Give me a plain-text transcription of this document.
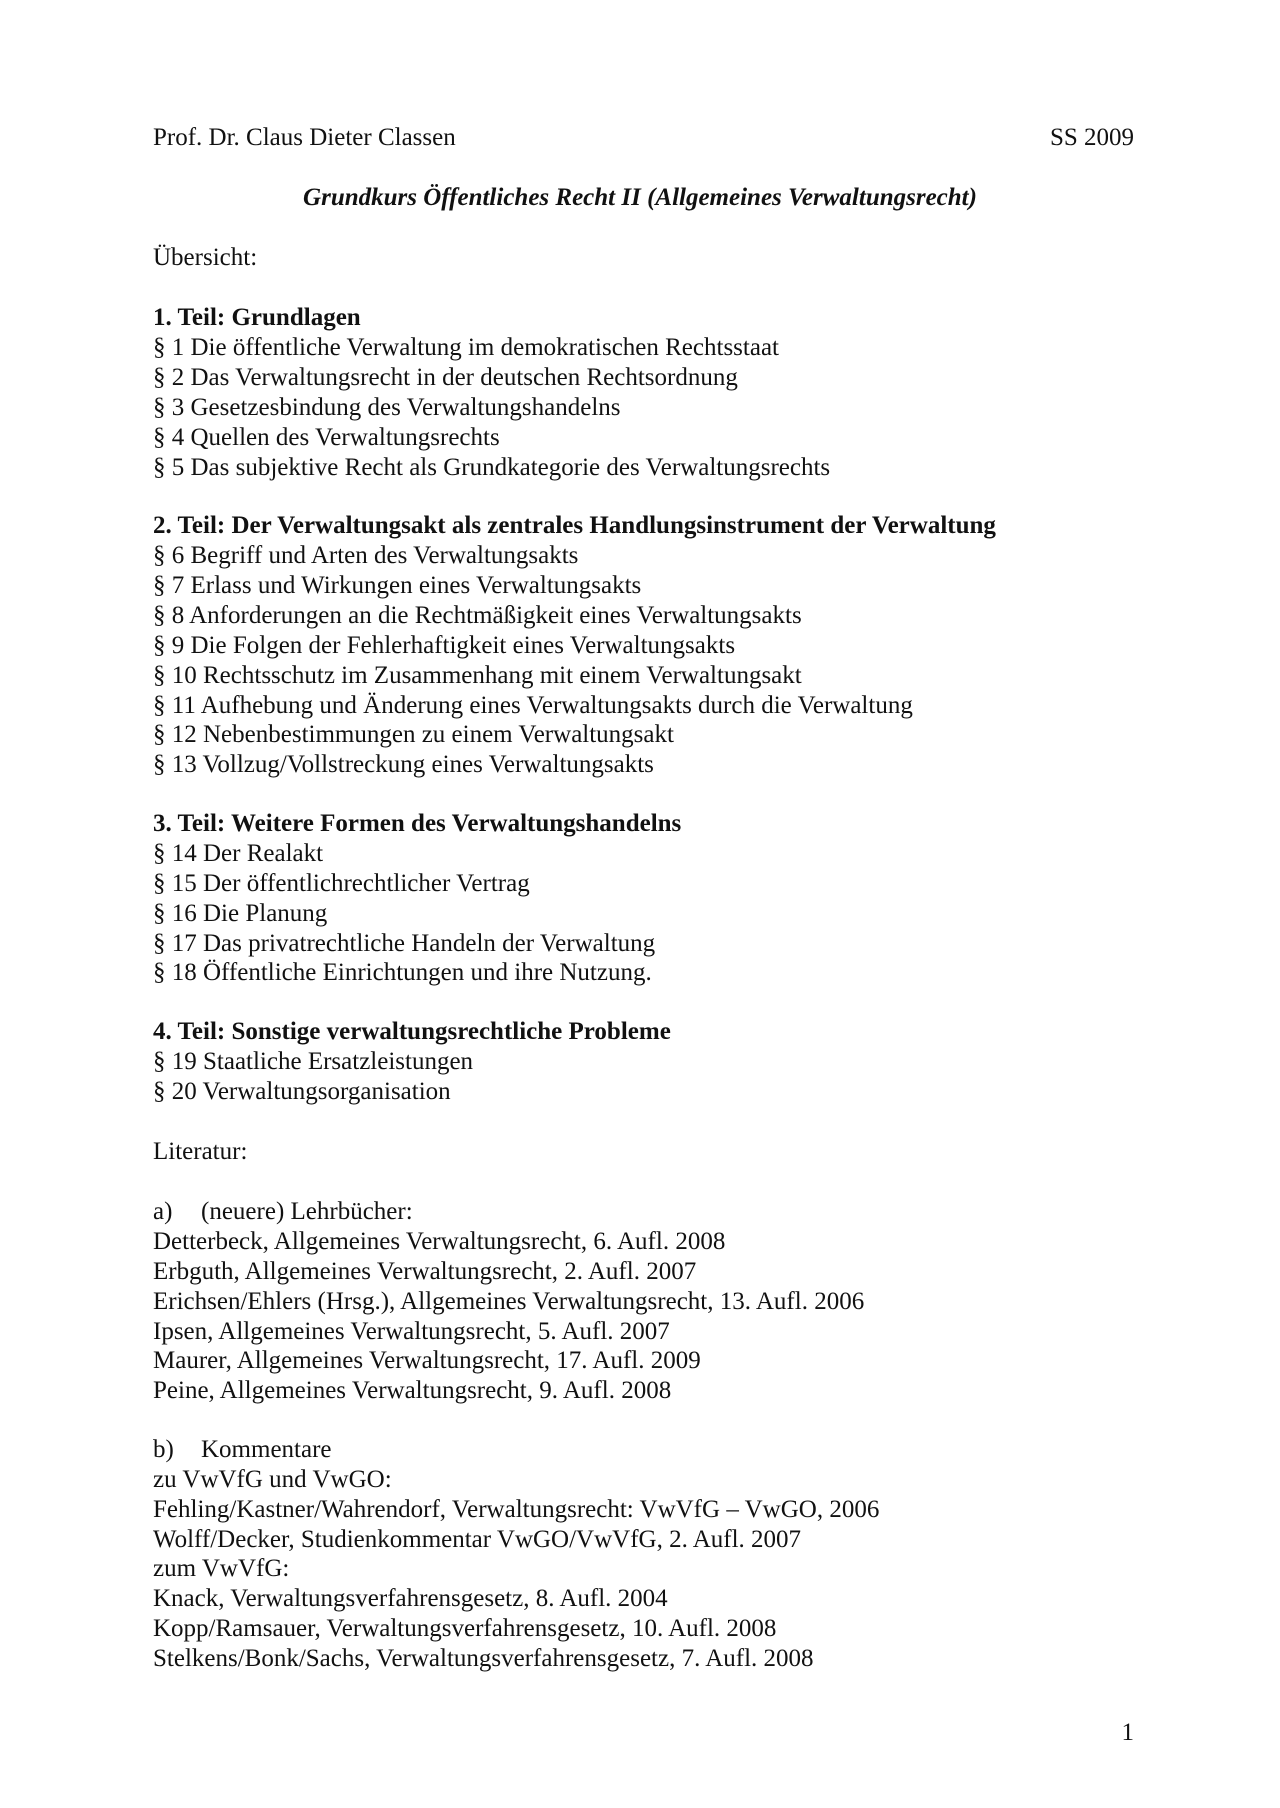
Prof. Dr. Claus Dieter Classen	SS 2009
Grundkurs Öffentliches Recht II (Allgemeines Verwaltungsrecht)
Übersicht:
1. Teil: Grundlagen
§ 1 Die öffentliche Verwaltung im demokratischen Rechtsstaat
§ 2 Das Verwaltungsrecht in der deutschen Rechtsordnung
§ 3 Gesetzesbindung des Verwaltungshandelns
§ 4 Quellen des Verwaltungsrechts
§ 5 Das subjektive Recht als Grundkategorie des Verwaltungsrechts
2. Teil: Der Verwaltungsakt als zentrales Handlungsinstrument der Verwaltung
§ 6 Begriff und Arten des Verwaltungsakts
§ 7 Erlass und Wirkungen eines Verwaltungsakts
§ 8 Anforderungen an die Rechtmäßigkeit eines Verwaltungsakts
§ 9 Die Folgen der Fehlerhaftigkeit eines Verwaltungsakts
§ 10 Rechtsschutz im Zusammenhang mit einem Verwaltungsakt
§ 11 Aufhebung und Änderung eines Verwaltungsakts durch die Verwaltung
§ 12 Nebenbestimmungen zu einem Verwaltungsakt
§ 13 Vollzug/Vollstreckung eines Verwaltungsakts
3. Teil: Weitere Formen des Verwaltungshandelns
§ 14 Der Realakt
§ 15 Der öffentlichrechtlicher Vertrag
§ 16 Die Planung
§ 17 Das privatrechtliche Handeln der Verwaltung
§ 18 Öffentliche Einrichtungen und ihre Nutzung.
4. Teil: Sonstige verwaltungsrechtliche Probleme
§ 19 Staatliche Ersatzleistungen
§ 20 Verwaltungsorganisation
Literatur:
a) (neuere) Lehrbücher:
Detterbeck, Allgemeines Verwaltungsrecht, 6. Aufl. 2008
Erbguth, Allgemeines Verwaltungsrecht, 2. Aufl. 2007
Erichsen/Ehlers (Hrsg.), Allgemeines Verwaltungsrecht, 13. Aufl. 2006
Ipsen, Allgemeines Verwaltungsrecht, 5. Aufl. 2007
Maurer, Allgemeines Verwaltungsrecht, 17. Aufl. 2009
Peine, Allgemeines Verwaltungsrecht, 9. Aufl. 2008
b) Kommentare
zu VwVfG und VwGO:
Fehling/Kastner/Wahrendorf, Verwaltungsrecht: VwVfG – VwGO, 2006
Wolff/Decker, Studienkommentar VwGO/VwVfG, 2. Aufl. 2007
zum VwVfG:
Knack, Verwaltungsverfahrensgesetz, 8. Aufl. 2004
Kopp/Ramsauer, Verwaltungsverfahrensgesetz, 10. Aufl. 2008
Stelkens/Bonk/Sachs, Verwaltungsverfahrensgesetz, 7. Aufl. 2008
1
